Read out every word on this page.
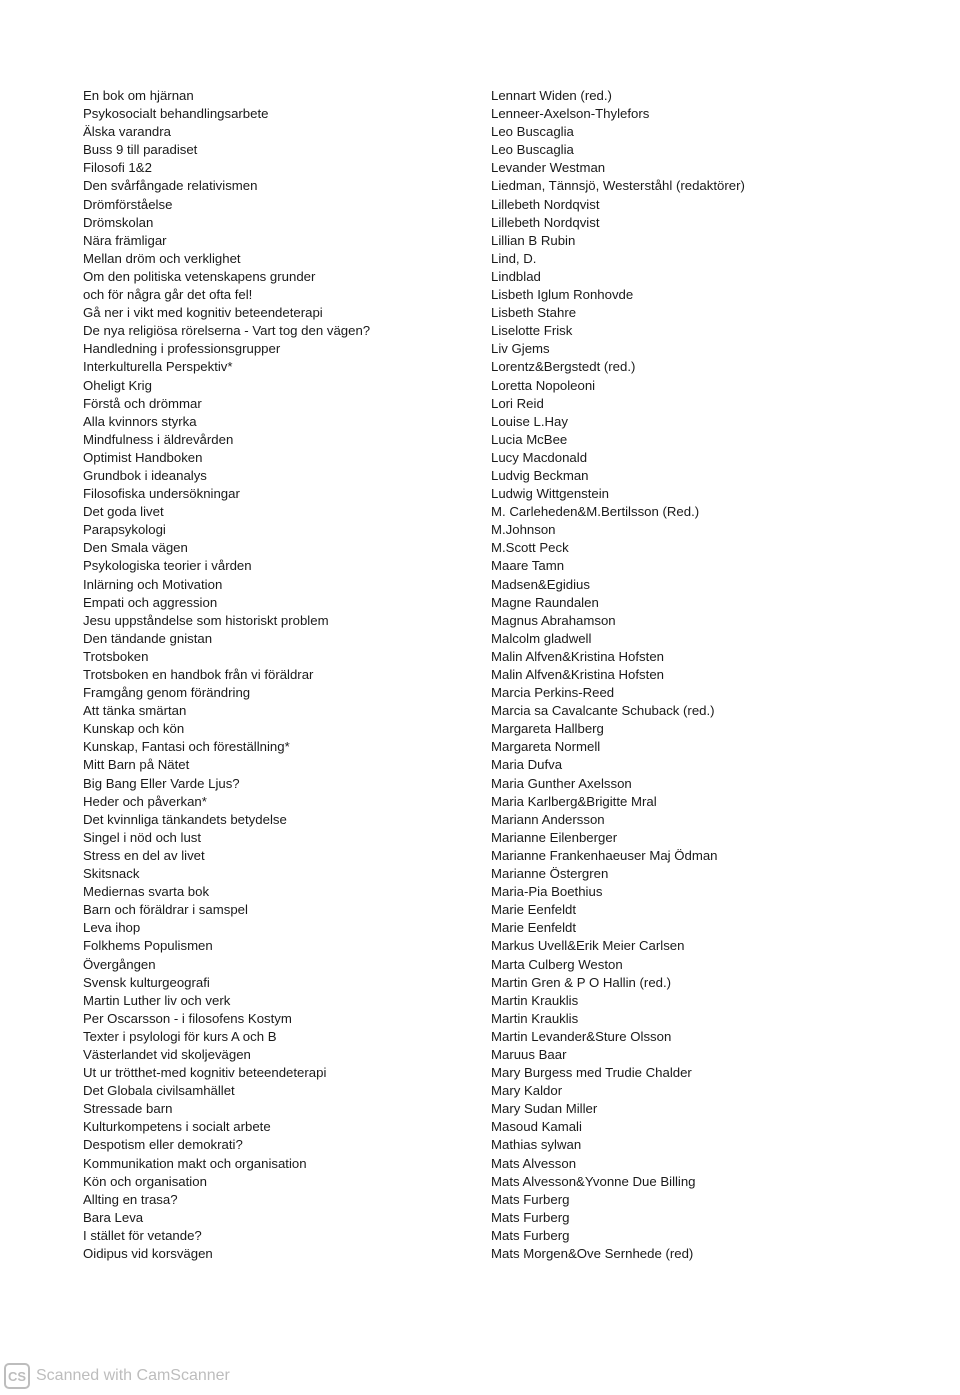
En bok om hjärnan
Psykosocialt behandlingsarbete
Älska varandra
Buss 9 till paradiset
Filosofi 1&2
Den svårfångade relativismen
Drömförståelse
Drömskolan
Nära främligar
Mellan dröm och verklighet
Om den politiska vetenskapens grunder
och för några går det ofta fel!
Gå ner i vikt med kognitiv beteendeterapi
De nya religiösa rörelserna - Vart tog den vägen?
Handledning i professionsgrupper
Interkulturella Perspektiv*
Oheligt Krig
Förstå och drömmar
Alla kvinnors styrka
Mindfulness i äldrevården
Optimist Handboken
Grundbok i ideanalys
Filosofiska undersökningar
Det goda livet
Parapsykologi
Den Smala vägen
Psykologiska teorier i vården
Inlärning och Motivation
Empati och aggression
Jesu uppståndelse som historiskt problem
Den tändande gnistan
Trotsboken
Trotsboken en handbok från vi föräldrar
Framgång genom förändring
Att tänka smärtan
Kunskap och kön
Kunskap, Fantasi och föreställning*
Mitt Barn på Nätet
Big Bang Eller Varde Ljus?
Heder och påverkan*
Det kvinnliga tänkandets betydelse
Singel i nöd och lust
Stress en del av livet
Skitsnack
Mediernas svarta bok
Barn och föräldrar i samspel
Leva ihop
Folkhems Populismen
Övergången
Svensk kulturgeografi
Martin Luther liv och verk
Per Oscarsson - i filosofens Kostym
Texter i psylologi för kurs A och B
Västerlandet vid skoljevägen
Ut ur trötthet-med kognitiv beteendeterapi
Det Globala civilsamhället
Stressade barn
Kulturkompetens i socialt arbete
Despotism eller demokrati?
Kommunikation makt och organisation
Kön och organisation
Allting en trasa?
Bara Leva
I stället för vetande?
Oidipus vid korsvägen
Lennart Widen (red.)
Lenneer-Axelson-Thylefors
Leo Buscaglia
Leo Buscaglia
Levander Westman
Liedman, Tännsjö, Westerståhl (redaktörer)
Lillebeth Nordqvist
Lillebeth Nordqvist
Lillian B Rubin
Lind, D.
Lindblad
Lisbeth Iglum Ronhovde
Lisbeth Stahre
Liselotte Frisk
Liv Gjems
Lorentz&Bergstedt (red.)
Loretta Nopoleoni
Lori Reid
Louise L.Hay
Lucia McBee
Lucy Macdonald
Ludvig Beckman
Ludwig Wittgenstein
M. Carleheden&M.Bertilsson (Red.)
M.Johnson
M.Scott Peck
Maare Tamn
Madsen&Egidius
Magne Raundalen
Magnus Abrahamson
Malcolm gladwell
Malin Alfven&Kristina Hofsten
Malin Alfven&Kristina Hofsten
Marcia Perkins-Reed
Marcia sa Cavalcante Schuback (red.)
Margareta Hallberg
Margareta Normell
Maria Dufva
Maria Gunther Axelsson
Maria Karlberg&Brigitte Mral
Mariann Andersson
Marianne Eilenberger
Marianne Frankenhaeuser Maj Ödman
Marianne Östergren
Maria-Pia Boethius
Marie Eenfeldt
Marie Eenfeldt
Markus Uvell&Erik Meier Carlsen
Marta Culberg Weston
Martin Gren & P O Hallin (red.)
Martin Krauklis
Martin Krauklis
Martin Levander&Sture Olsson
Maruus Baar
Mary Burgess med Trudie Chalder
Mary Kaldor
Mary Sudan Miller
Masoud Kamali
Mathias sylwan
Mats Alvesson
Mats Alvesson&Yvonne Due Billing
Mats Furberg
Mats Furberg
Mats Furberg
Mats Morgen&Ove Sernhede (red)
CS Scanned with CamScanner
